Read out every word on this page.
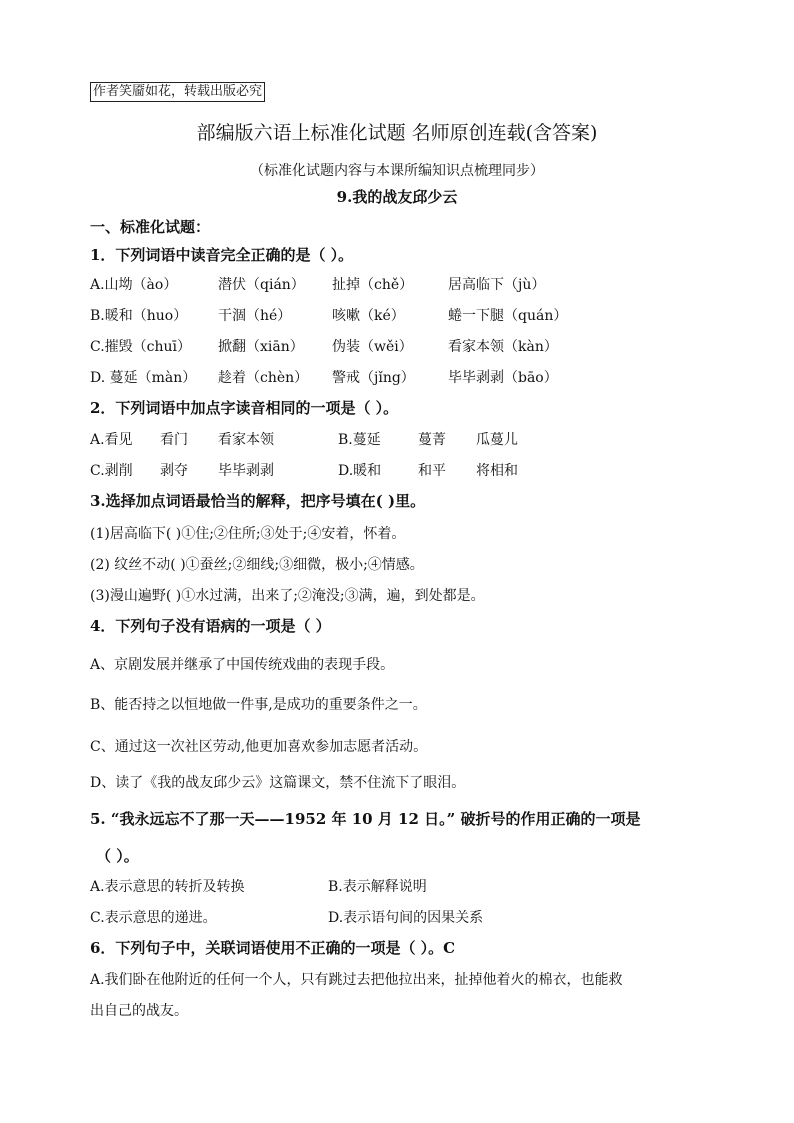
作者笑靥如花，转载出版必究
部编版六语上标准化试题 名师原创连载(含答案)
（标准化试题内容与本课所编知识点梳理同步）
9.我的战友邱少云
一、标准化试题：
1．下列词语中读音完全正确的是（ ）。
A.山坳（ào）	潜伏（qián） 扯掉（chě） 居高临下（jù）
B.暖和（huo） 干涸（hé）	咳嗽（ké）	蜷一下腿（quán）
C.摧毁（chuī） 掀翻（xiān） 伪装（wěi）	看家本领（kàn）
D. 蔓延（màn） 趁着（chèn） 警戒（jǐng） 毕毕剥剥（bāo）
2．下列词语中加点字读音相同的一项是（ ）。
A.看见 看门 看家本领	B.蔓延	蔓菁 瓜蔓儿
C.剥削 剥夺 毕毕剥剥	D.暖和	和平 将相和
3.选择加点词语最恰当的解释，把序号填在( )里。
(1)居高临下( )①住;②住所;③处于;④安着，怀着。
(2) 纹丝不动( )①蚕丝;②细线;③细微，极小;④情感。
(3)漫山遍野( )①水过满，出来了;②淹没;③满，遍，到处都是。
4．下列句子没有语病的一项是（ ）
A、京剧发展并继承了中国传统戏曲的表现手段。
B、能否持之以恒地做一件事,是成功的重要条件之一。
C、通过这一次社区劳动,他更加喜欢参加志愿者活动。
D、读了《我的战友邱少云》这篇课文，禁不住流下了眼泪。
5. “我永远忘不了那一天——1952 年 10 月 12 日。” 破折号的作用正确的一项是
（ ）。
A.表示意思的转折及转换	B.表示解释说明
C.表示意思的递进。	D.表示语句间的因果关系
6．下列句子中，关联词语使用不正确的一项是（ ）。C
A.我们卧在他附近的任何一个人，只有跳过去把他拉出来，扯掉他着火的棉衣，也能救
出自己的战友。
